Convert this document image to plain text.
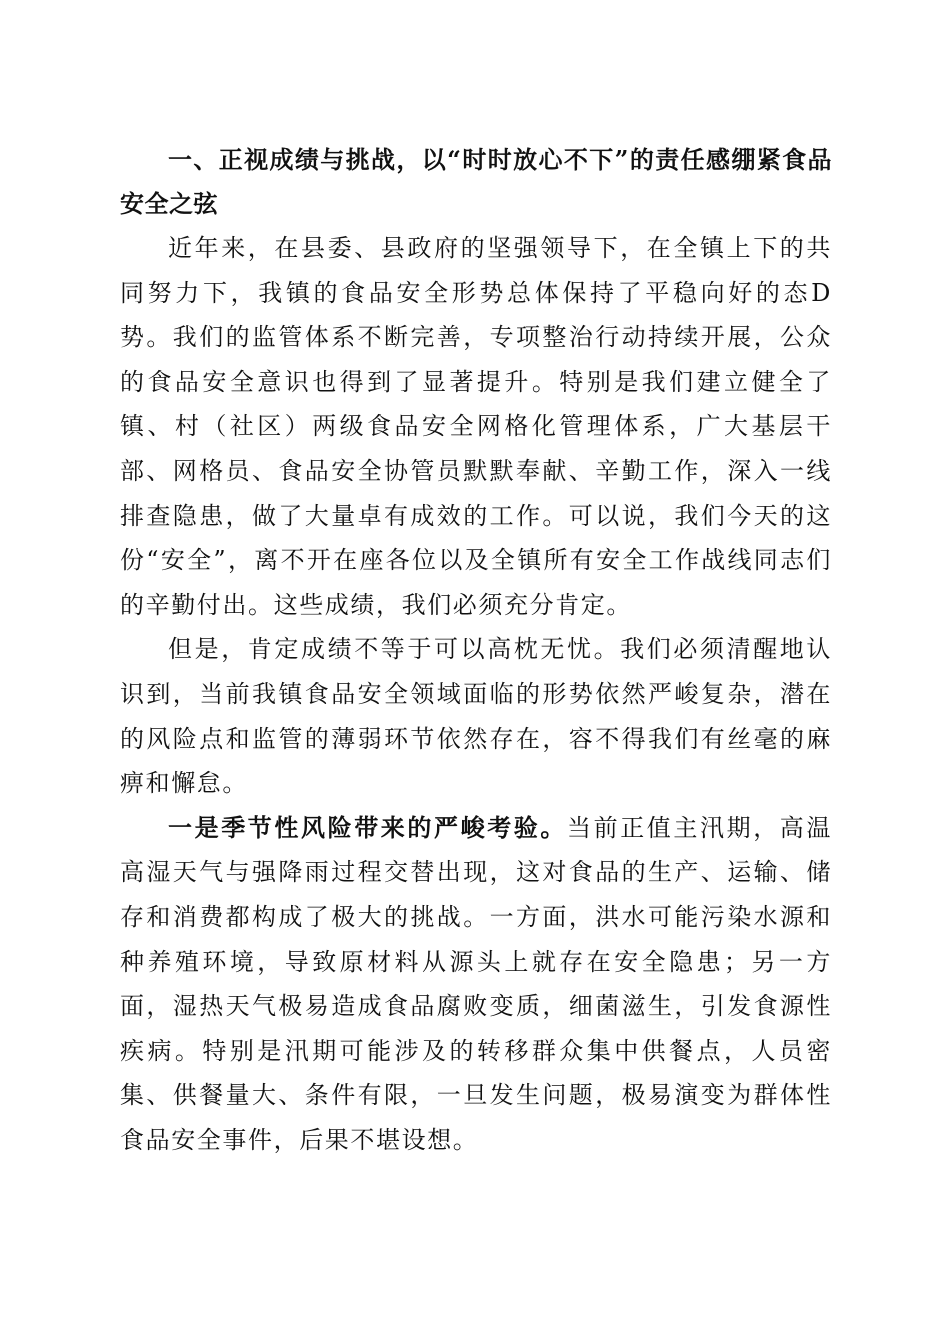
一、正视成绩与挑战，以“时时放心不下”的责任感绷紧食品安全之弦

近年来，在县委、县政府的坚强领导下，在全镇上下的共同努力下，我镇的食品安全形势总体保持了平稳向好的态D势。我们的监管体系不断完善，专项整治行动持续开展，公众的食品安全意识也得到了显著提升。特别是我们建立健全了镇、村（社区）两级食品安全网格化管理体系，广大基层干部、网格员、食品安全协管员默默奉献、辛勤工作，深入一线排查隐患，做了大量卓有成效的工作。可以说，我们今天的这份“安全”，离不开在座各位以及全镇所有安全工作战线同志们的辛勤付出。这些成绩，我们必须充分肯定。

但是，肯定成绩不等于可以高枕无忧。我们必须清醒地认识到，当前我镇食品安全领域面临的形势依然严峻复杂，潜在的风险点和监管的薄弱环节依然存在，容不得我们有丝毫的麻痹和懈怠。

一是季节性风险带来的严峻考验。当前正值主汛期，高温高湿天气与强降雨过程交替出现，这对食品的生产、运输、储存和消费都构成了极大的挑战。一方面，洪水可能污染水源和种养殖环境，导致原材料从源头上就存在安全隐患；另一方面，湿热天气极易造成食品腐败变质，细菌滋生，引发食源性疾病。特别是汛期可能涉及的转移群众集中供餐点，人员密集、供餐量大、条件有限，一旦发生问题，极易演变为群体性食品安全事件，后果不堪设想。
